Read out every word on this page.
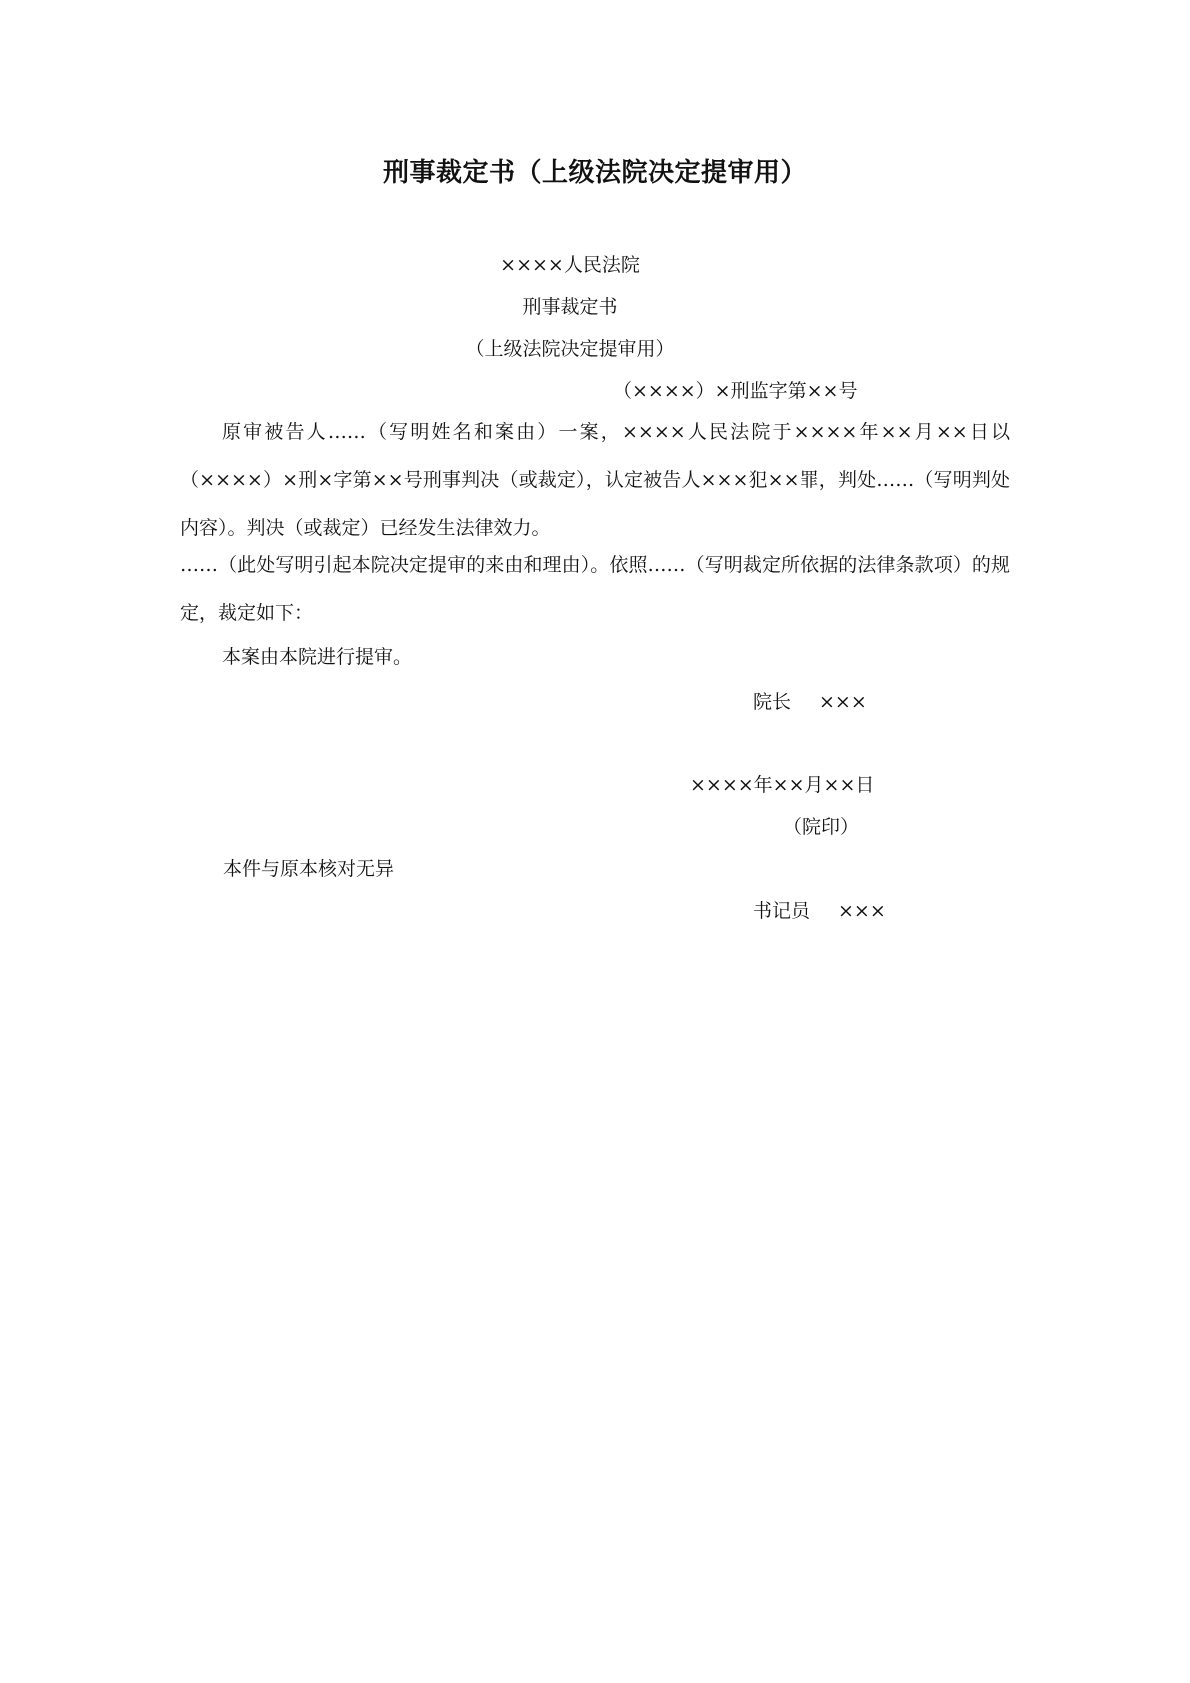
刑事裁定书（上级法院决定提审用）
××××人民法院
刑事裁定书
（上级法院决定提审用）
（××××）×刑监字第××号
原审被告人……（写明姓名和案由）一案，××××人民法院于××××年××月××日以（××××）×刑×字第××号刑事判决（或裁定），认定被告人×××犯××罪，判处……（写明判处内容）。判决（或裁定）已经发生法律效力。
……（此处写明引起本院决定提审的来由和理由）。依照……（写明裁定所依据的法律条款项）的规定，裁定如下：
本案由本院进行提审。
院长 ×××
××××年××月××日
（院印）
本件与原本核对无异
书记员 ×××
